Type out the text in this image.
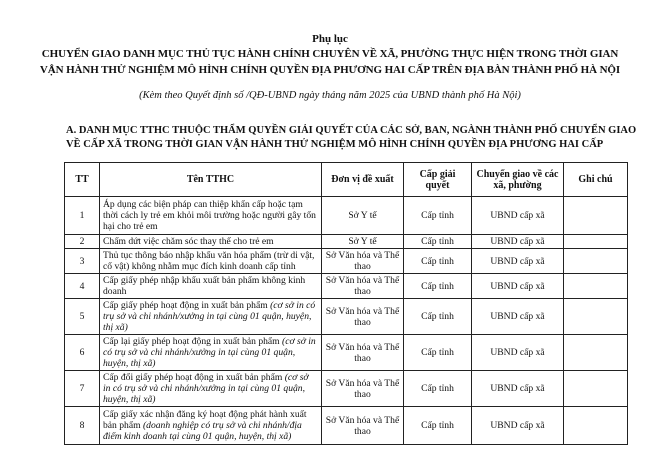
Phụ lục
CHUYỂN GIAO DANH MỤC THỦ TỤC HÀNH CHÍNH CHUYÊN VỀ XÃ, PHƯỜNG THỰC HIỆN TRONG THỜI GIAN
VẬN HÀNH THỬ NGHIỆM MÔ HÌNH CHÍNH QUYỀN ĐỊA PHƯƠNG HAI CẤP TRÊN ĐỊA BÀN THÀNH PHỐ HÀ NỘI
(Kèm theo Quyết định số /QĐ-UBND ngày tháng năm 2025 của UBND thành phố Hà Nội)
A. DANH MỤC TTHC THUỘC THẨM QUYỀN GIẢI QUYẾT CỦA CÁC SỞ, BAN, NGÀNH THÀNH PHỐ CHUYỂN GIAO
VỀ CẤP XÃ TRONG THỜI GIAN VẬN HÀNH THỬ NGHIỆM MÔ HÌNH CHÍNH QUYỀN ĐỊA PHƯƠNG HAI CẤP
TT	Tên TTHC	Đơn vị đề xuất	Cấp giải quyết	Chuyển giao về các xã, phường	Ghi chú
1	Áp dụng các biện pháp can thiệp khẩn cấp hoặc tạm thời cách ly trẻ em khỏi môi trường hoặc người gây tổn hại cho trẻ em	Sở Y tế	Cấp tỉnh	UBND cấp xã	
2	Chấm dứt việc chăm sóc thay thế cho trẻ em	Sở Y tế	Cấp tỉnh	UBND cấp xã	
3	Thủ tục thông báo nhập khẩu văn hóa phẩm (trừ di vật, cổ vật) không nhằm mục đích kinh doanh cấp tỉnh	Sở Văn hóa và Thể thao	Cấp tỉnh	UBND cấp xã	
4	Cấp giấy phép nhập khẩu xuất bản phẩm không kinh doanh	Sở Văn hóa và Thể thao	Cấp tỉnh	UBND cấp xã	
5	Cấp giấy phép hoạt động in xuất bản phẩm (cơ sở in có trụ sở và chi nhánh/xưởng in tại cùng 01 quận, huyện, thị xã)	Sở Văn hóa và Thể thao	Cấp tỉnh	UBND cấp xã	
6	Cấp lại giấy phép hoạt động in xuất bản phẩm (cơ sở in có trụ sở và chi nhánh/xưởng in tại cùng 01 quận, huyện, thị xã)	Sở Văn hóa và Thể thao	Cấp tỉnh	UBND cấp xã	
7	Cấp đổi giấy phép hoạt động in xuất bản phẩm (cơ sở in có trụ sở và chi nhánh/xưởng in tại cùng 01 quận, huyện, thị xã)	Sở Văn hóa và Thể thao	Cấp tỉnh	UBND cấp xã	
8	Cấp giấy xác nhận đăng ký hoạt động phát hành xuất bản phẩm (doanh nghiệp có trụ sở và chi nhánh/địa điểm kinh doanh tại cùng 01 quận, huyện, thị xã)	Sở Văn hóa và Thể thao	Cấp tỉnh	UBND cấp xã	
